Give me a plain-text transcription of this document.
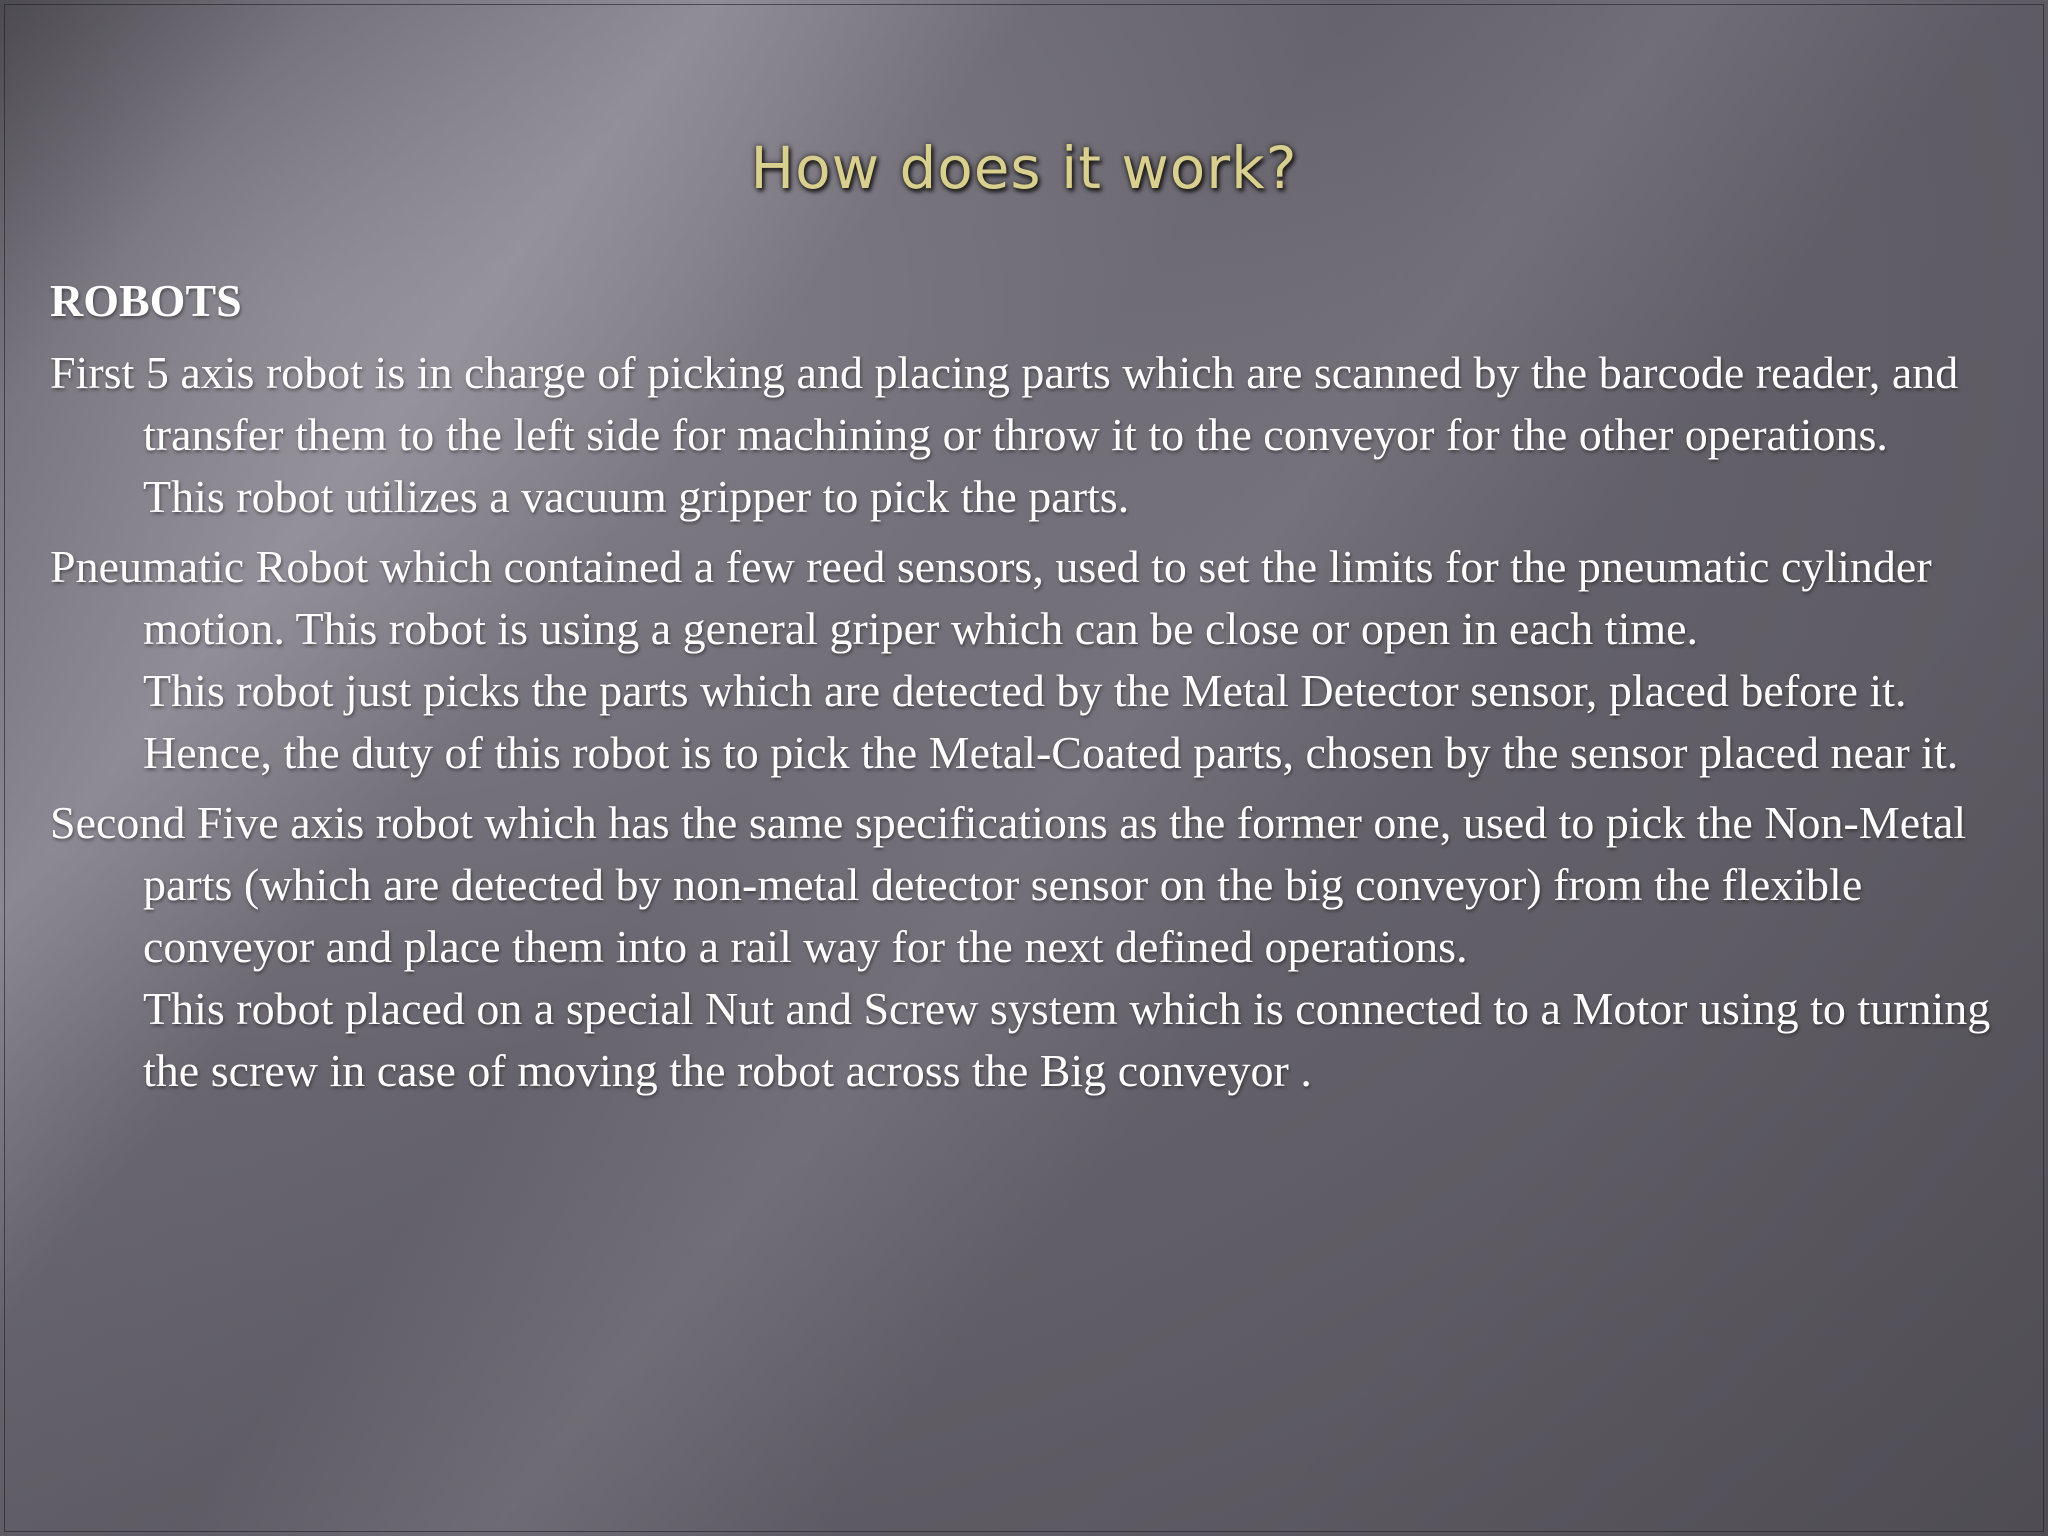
How does it work?
ROBOTS
First 5 axis robot is in charge of picking and placing parts which are scanned by the barcode reader, and transfer them to the left side for machining or throw it to the conveyor for the other operations.

This robot utilizes a vacuum gripper to pick the parts.

Pneumatic Robot which contained a few reed sensors, used to set the limits for the pneumatic cylinder motion. This robot is using a general griper which can be close or open in each time.

This robot just picks the parts which are detected by the Metal Detector sensor, placed before it.

Hence, the duty of this robot is to pick the Metal-Coated parts, chosen by the sensor placed near it.

Second Five axis robot which has the same specifications as the former one, used to pick the Non-Metal parts (which are detected by non-metal detector sensor on the big conveyor) from the flexible conveyor and place them into a rail way for the next defined operations.

This robot placed on a special Nut and Screw system which is connected to a Motor using to turning the screw in case of moving the robot across the Big conveyor .
